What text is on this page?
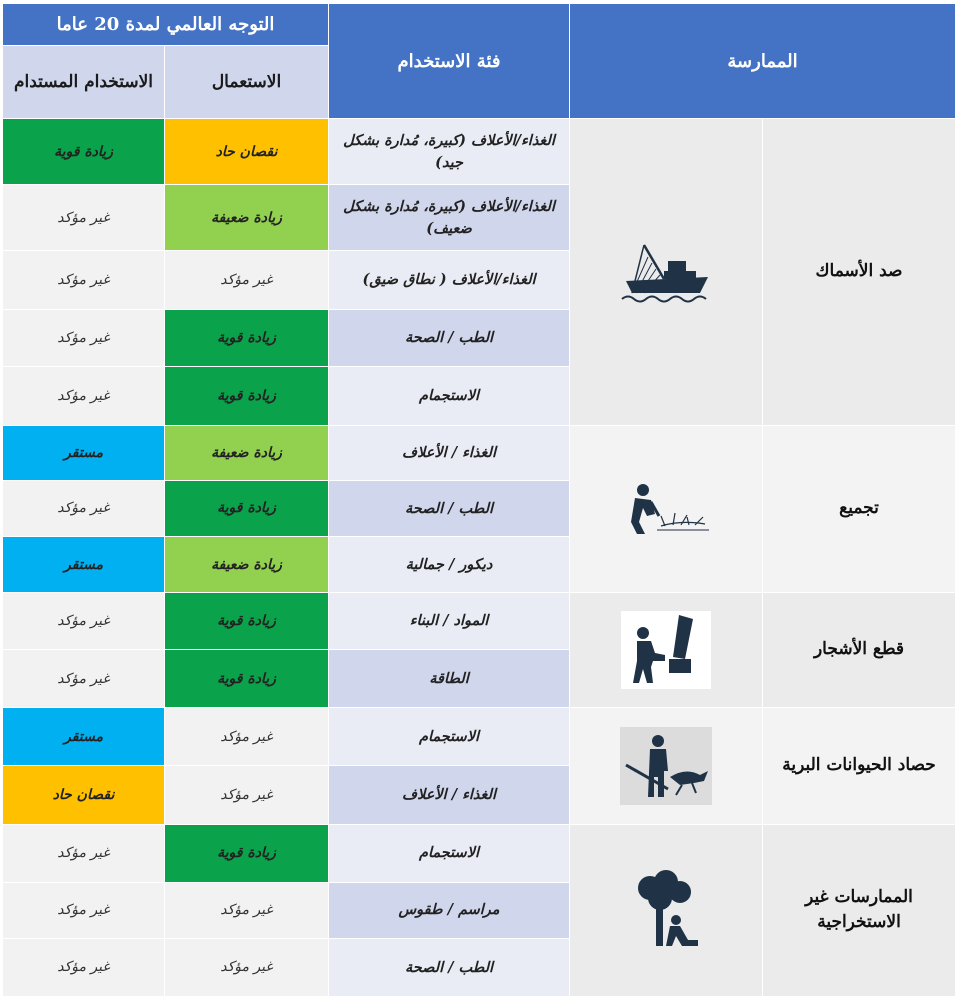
التوجه العالمي لمدة 20 عاما		فئة الاستخدام	الممارسة	
الاستخدام المستدام	الاستعمال			
زيادة قوية	نقصان حاد	الغذاء/الأعلاف (كبيرة، مُدارة بشكل جيد)		صد الأسماك
غير مؤكد	زيادة ضعيفة	الغذاء/الأعلاف (كبيرة، مُدارة بشكل ضعيف)		
غير مؤكد	غير مؤكد	الغذاء/الأعلاف ( نطاق ضيق)		
غير مؤكد	زيادة قوية	الطب / الصحة		
غير مؤكد	زيادة قوية	الاستجمام		
مستقر	زيادة ضعيفة	الغذاء / الأعلاف		تجميع
غير مؤكد	زيادة قوية	الطب / الصحة		
مستقر	زيادة ضعيفة	ديكور / جمالية		
غير مؤكد	زيادة قوية	المواد / البناء		قطع الأشجار
غير مؤكد	زيادة قوية	الطاقة		
مستقر	غير مؤكد	الاستجمام		حصاد الحيوانات البرية
نقصان حاد	غير مؤكد	الغذاء / الأعلاف		
غير مؤكد	زيادة قوية	الاستجمام		الممارسات غير الاستخراجية
غير مؤكد	غير مؤكد	مراسم / طقوس		
غير مؤكد	غير مؤكد	الطب / الصحة		
